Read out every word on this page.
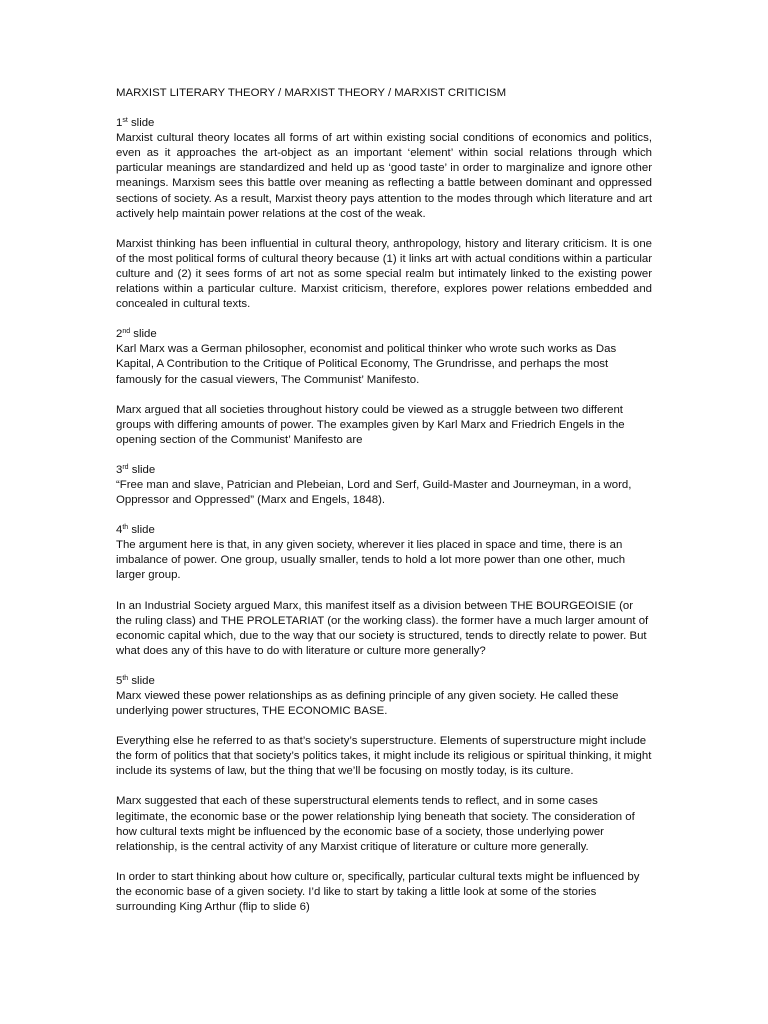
MARXIST LITERARY THEORY / MARXIST THEORY / MARXIST CRITICISM
1st slide

Marxist cultural theory locates all forms of art within existing social conditions of economics and politics, even as it approaches the art-object as an important ‘element’ within social relations through which particular meanings are standardized and held up as ‘good taste’ in order to marginalize and ignore other meanings. Marxism sees this battle over meaning as reflecting a battle between dominant and oppressed sections of society. As a result, Marxist theory pays attention to the modes through which literature and art actively help maintain power relations at the cost of the weak.

Marxist thinking has been influential in cultural theory, anthropology, history and literary criticism. It is one of the most political forms of cultural theory because (1) it links art with actual conditions within a particular culture and (2) it sees forms of art not as some special realm but intimately linked to the existing power relations within a particular culture. Marxist criticism, therefore, explores power relations embedded and concealed in cultural texts.

2nd slide

Karl Marx was a German philosopher, economist and political thinker who wrote such works as Das Kapital, A Contribution to the Critique of Political Economy, The Grundrisse, and perhaps the most famously for the casual viewers, The Communist’ Manifesto.

Marx argued that all societies throughout history could be viewed as a struggle between two different groups with differing amounts of power. The examples given by Karl Marx and Friedrich Engels in the opening section of the Communist’ Manifesto are

3rd slide

“Free man and slave, Patrician and Plebeian, Lord and Serf, Guild-Master and Journeyman, in a word, Oppressor and Oppressed” (Marx and Engels, 1848).

4th slide

The argument here is that, in any given society, wherever it lies placed in space and time, there is an imbalance of power. One group, usually smaller, tends to hold a lot more power than one other, much larger group.

In an Industrial Society argued Marx, this manifest itself as a division between THE BOURGEOISIE (or the ruling class) and THE PROLETARIAT (or the working class). the former have a much larger amount of economic capital which, due to the way that our society is structured, tends to directly relate to power. But what does any of this have to do with literature or culture more generally?

5th slide

Marx viewed these power relationships as as defining principle of any given society. He called these underlying power structures, THE ECONOMIC BASE.

Everything else he referred to as that’s society’s superstructure. Elements of superstructure might include the form of politics that that society’s politics takes, it might include its religious or spiritual thinking, it might include its systems of law, but the thing that we’ll be focusing on mostly today, is its culture.

Marx suggested that each of these superstructural elements tends to reflect, and in some cases legitimate, the economic base or the power relationship lying beneath that society. The consideration of how cultural texts might be influenced by the economic base of a society, those underlying power relationship, is the central activity of any Marxist critique of literature or culture more generally.

In order to start thinking about how culture or, specifically, particular cultural texts might be influenced by the economic base of a given society. I’d like to start by taking a little look at some of the stories surrounding King Arthur (flip to slide 6)
